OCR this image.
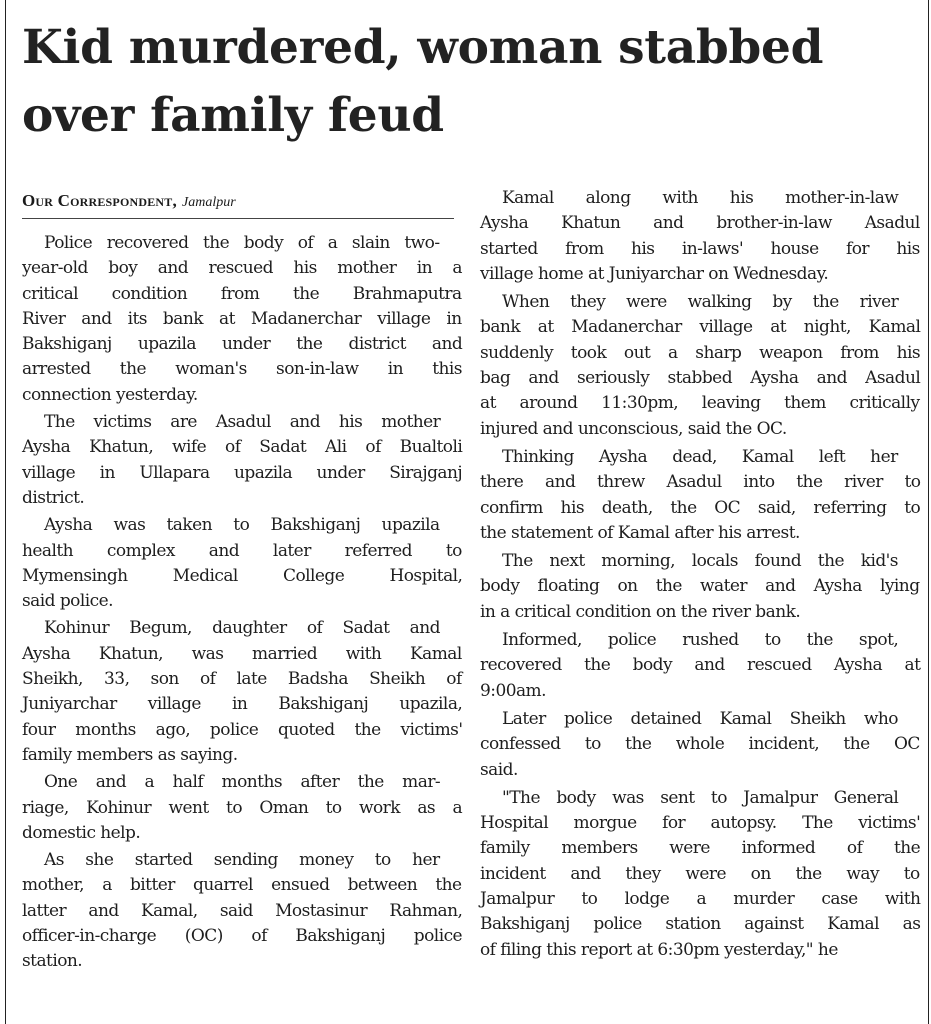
Kid murdered, woman stabbed
over family feud
Our Correspondent, Jamalpur
Police recovered the body of a slain two-
year-old boy and rescued his mother in a
critical condition from the Brahmaputra
River and its bank at Madanerchar village in
Bakshiganj upazila under the district and
arrested the woman's son-in-law in this
connection yesterday.
The victims are Asadul and his mother
Aysha Khatun, wife of Sadat Ali of Bualtoli
village in Ullapara upazila under Sirajganj
district.
Aysha was taken to Bakshiganj upazila
health complex and later referred to
Mymensingh Medical College Hospital,
said police.
Kohinur Begum, daughter of Sadat and
Aysha Khatun, was married with Kamal
Sheikh, 33, son of late Badsha Sheikh of
Juniyarchar village in Bakshiganj upazila,
four months ago, police quoted the victims'
family members as saying.
One and a half months after the mar-
riage, Kohinur went to Oman to work as a
domestic help.
As she started sending money to her
mother, a bitter quarrel ensued between the
latter and Kamal, said Mostasinur Rahman,
officer-in-charge (OC) of Bakshiganj police
station.
Kamal along with his mother-in-law
Aysha Khatun and brother-in-law Asadul
started from his in-laws' house for his
village home at Juniyarchar on Wednesday.
When they were walking by the river
bank at Madanerchar village at night, Kamal
suddenly took out a sharp weapon from his
bag and seriously stabbed Aysha and Asadul
at around 11:30pm, leaving them critically
injured and unconscious, said the OC.
Thinking Aysha dead, Kamal left her
there and threw Asadul into the river to
confirm his death, the OC said, referring to
the statement of Kamal after his arrest.
The next morning, locals found the kid's
body floating on the water and Aysha lying
in a critical condition on the river bank.
Informed, police rushed to the spot,
recovered the body and rescued Aysha at
9:00am.
Later police detained Kamal Sheikh who
confessed to the whole incident, the OC
said.
"The body was sent to Jamalpur General
Hospital morgue for autopsy. The victims'
family members were informed of the
incident and they were on the way to
Jamalpur to lodge a murder case with
Bakshiganj police station against Kamal as
of filing this report at 6:30pm yesterday," he
